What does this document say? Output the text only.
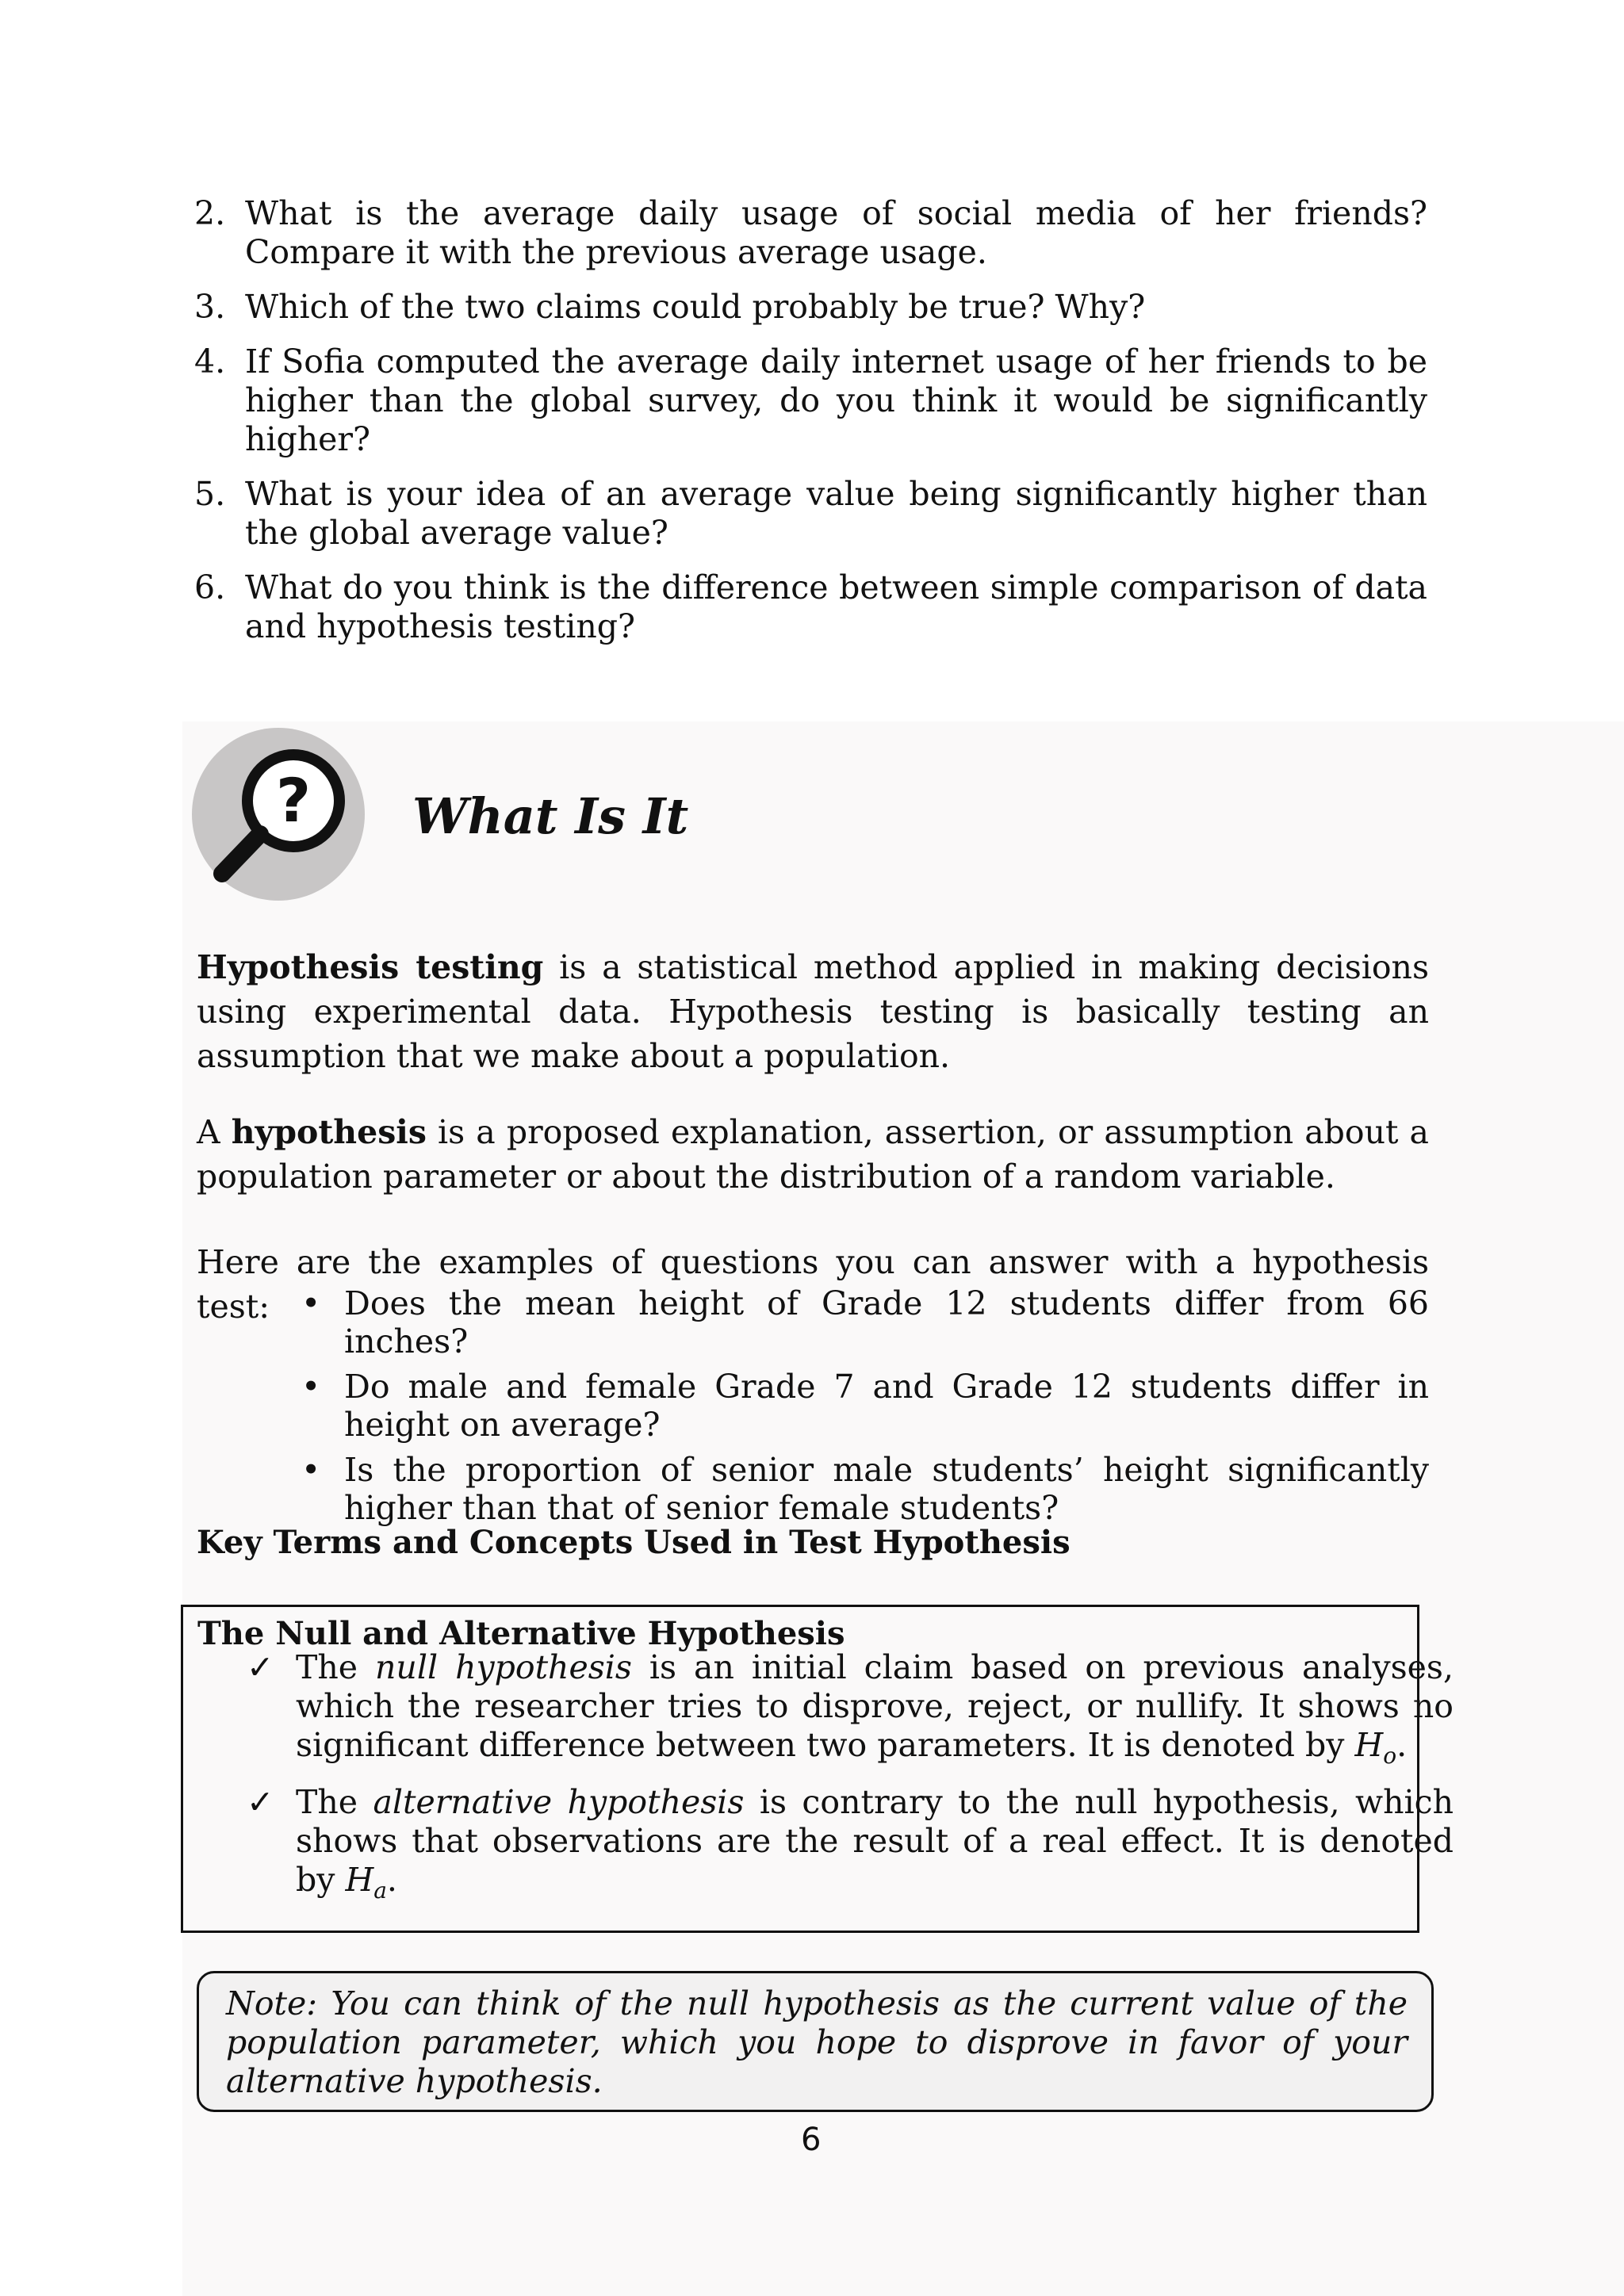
2. What is the average daily usage of social media of her friends? Compare it with the previous average usage.
3. Which of the two claims could probably be true? Why?
4. If Sofia computed the average daily internet usage of her friends to be higher than the global survey, do you think it would be significantly higher?
5. What is your idea of an average value being significantly higher than the global average value?
6. What do you think is the difference between simple comparison of data and hypothesis testing?
? What Is It
Hypothesis testing is a statistical method applied in making decisions using experimental data. Hypothesis testing is basically testing an assumption that we make about a population.
A hypothesis is a proposed explanation, assertion, or assumption about a population parameter or about the distribution of a random variable.
Here are the examples of questions you can answer with a hypothesis test: • Does the mean height of Grade 12 students differ from 66 inches?
• Do male and female Grade 7 and Grade 12 students differ in height on average?
• Is the proportion of senior male students’ height significantly higher than that of senior female students?
Key Terms and Concepts Used in Test Hypothesis
The Null and Alternative Hypothesis
✓ The null hypothesis is an initial claim based on previous analyses, which the researcher tries to disprove, reject, or nullify. It shows no significant difference between two parameters. It is denoted by $H_o$.
✓ The alternative hypothesis is contrary to the null hypothesis, which shows that observations are the result of a real effect. It is denoted by $H_a$.
Note: You can think of the null hypothesis as the current value of the population parameter, which you hope to disprove in favor of your alternative hypothesis.
6
